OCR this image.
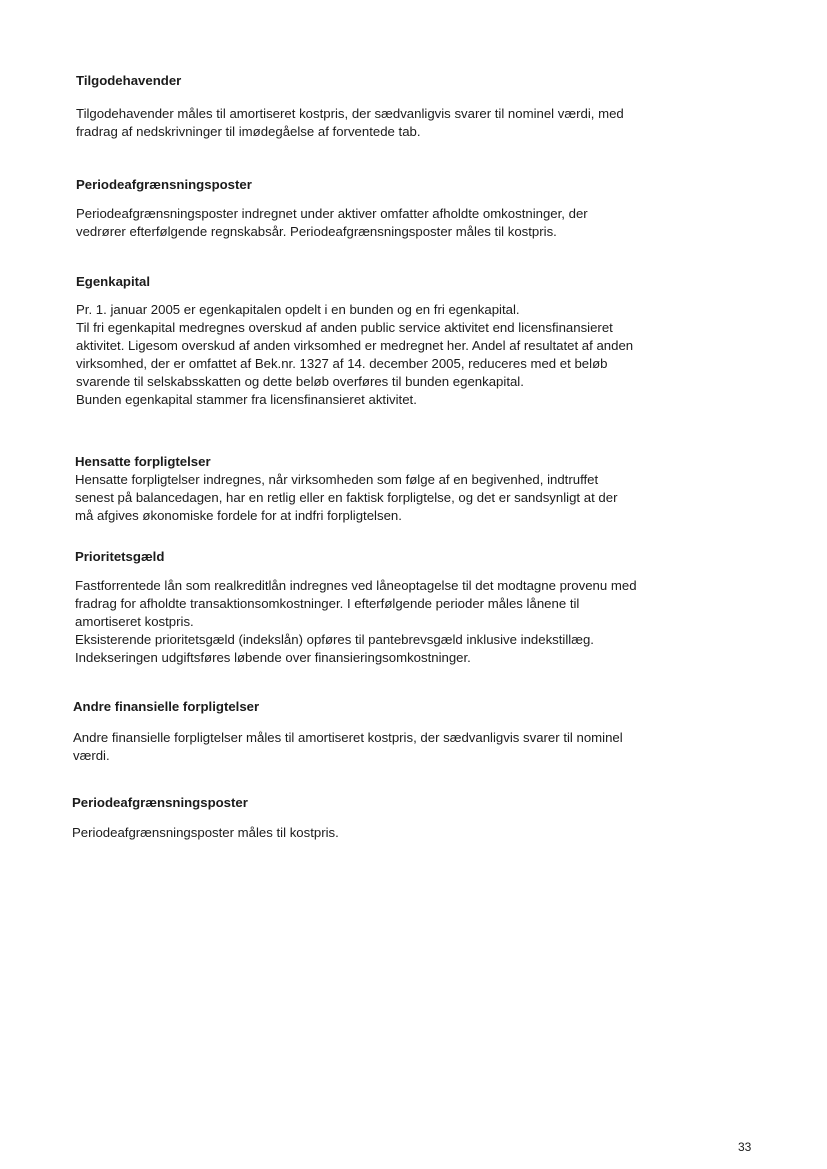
Tilgodehavender

Tilgodehavender måles til amortiseret kostpris, der sædvanligvis svarer til nominel værdi, med
fradrag af nedskrivninger til imødegåelse af forventede tab.

Periodeafgrænsningsposter

Periodeafgrænsningsposter indregnet under aktiver omfatter afholdte omkostninger, der
vedrører efterfølgende regnskabsår. Periodeafgrænsningsposter måles til kostpris.

Egenkapital

Pr. 1. januar 2005 er egenkapitalen opdelt i en bunden og en fri egenkapital.
Til fri egenkapital medregnes overskud af anden public service aktivitet end licensfinansieret
aktivitet. Ligesom overskud af anden virksomhed er medregnet her. Andel af resultatet af anden
virksomhed, der er omfattet af Bek.nr. 1327 af 14. december 2005, reduceres med et beløb
svarende til selskabsskatten og dette beløb overføres til bunden egenkapital.
Bunden egenkapital stammer fra licensfinansieret aktivitet.

Hensatte forpligtelser

Hensatte forpligtelser indregnes, når virksomheden som følge af en begivenhed, indtruffet
senest på balancedagen, har en retlig eller en faktisk forpligtelse, og det er sandsynligt at der
må afgives økonomiske fordele for at indfri forpligtelsen.

Prioritetsgæld

Fastforrentede lån som realkreditlån indregnes ved låneoptagelse til det modtagne provenu med
fradrag for afholdte transaktionsomkostninger. I efterfølgende perioder måles lånene til
amortiseret kostpris.
Eksisterende prioritetsgæld (indekslån) opføres til pantebrevsgæld inklusive indekstillæg.
Indekseringen udgiftsføres løbende over finansieringsomkostninger.

Andre finansielle forpligtelser

Andre finansielle forpligtelser måles til amortiseret kostpris, der sædvanligvis svarer til nominel
værdi.

Periodeafgrænsningsposter

Periodeafgrænsningsposter måles til kostpris.

33
